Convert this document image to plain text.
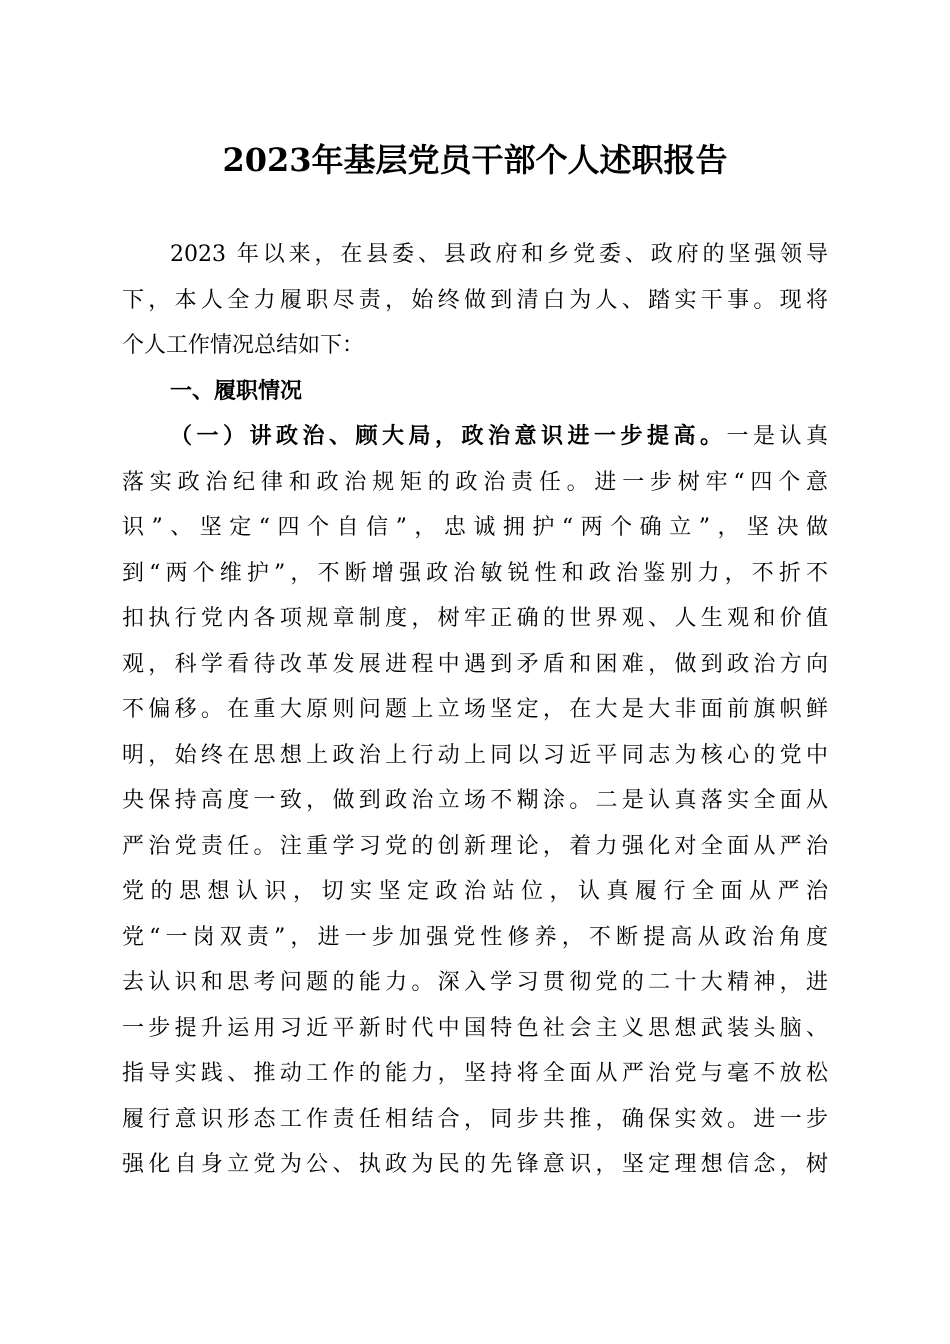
2023年基层党员干部个人述职报告
2023 年以来，在县委、县政府和乡党委、政府的坚强领导
下，本人全力履职尽责，始终做到清白为人、踏实干事。现将
个人工作情况总结如下：
一、履职情况
（一）讲政治、顾大局，政治意识进一步提高。一是认真
落实政治纪律和政治规矩的政治责任。进一步树牢“四个意
识”、坚定“四个自信”，忠诚拥护“两个确立”，坚决做
到“两个维护”，不断增强政治敏锐性和政治鉴别力，不折不
扣执行党内各项规章制度，树牢正确的世界观、人生观和价值
观，科学看待改革发展进程中遇到矛盾和困难，做到政治方向
不偏移。在重大原则问题上立场坚定，在大是大非面前旗帜鲜
明，始终在思想上政治上行动上同以习近平同志为核心的党中
央保持高度一致，做到政治立场不糊涂。二是认真落实全面从
严治党责任。注重学习党的创新理论，着力强化对全面从严治
党的思想认识，切实坚定政治站位，认真履行全面从严治
党“一岗双责”，进一步加强党性修养，不断提高从政治角度
去认识和思考问题的能力。深入学习贯彻党的二十大精神，进
一步提升运用习近平新时代中国特色社会主义思想武装头脑、
指导实践、推动工作的能力，坚持将全面从严治党与毫不放松
履行意识形态工作责任相结合，同步共推，确保实效。进一步
强化自身立党为公、执政为民的先锋意识，坚定理想信念，树
